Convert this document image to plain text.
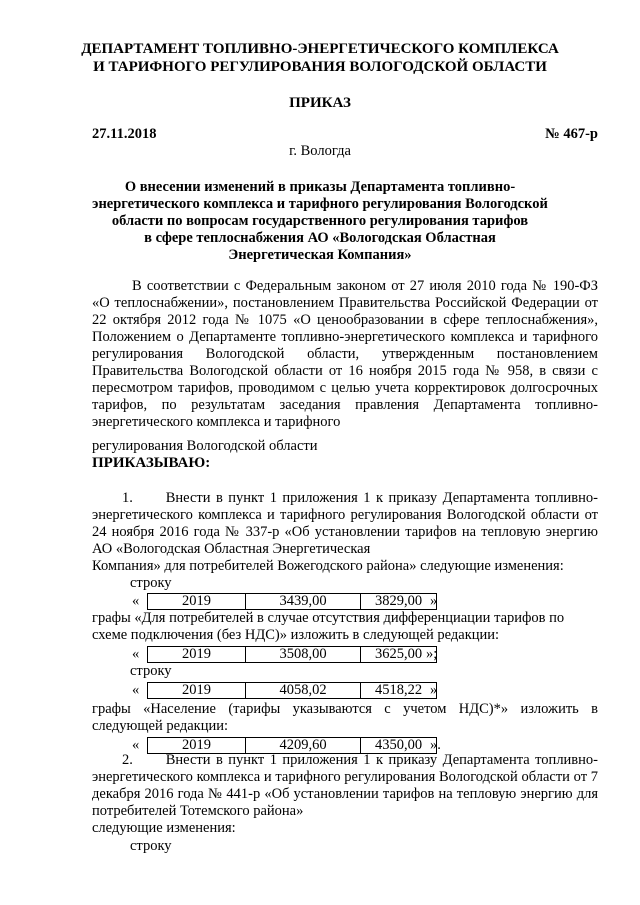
ДЕПАРТАМЕНТ ТОПЛИВНО-ЭНЕРГЕТИЧЕСКОГО КОМПЛЕКСА
И ТАРИФНОГО РЕГУЛИРОВАНИЯ ВОЛОГОДСКОЙ ОБЛАСТИ
ПРИКАЗ
27.11.2018	№ 467-р
г. Вологда
О внесении изменений в приказы Департамента топливно-
энергетического комплекса и тарифного регулирования Вологодской
области по вопросам государственного регулирования тарифов
в сфере теплоснабжения АО «Вологодская Областная
Энергетическая Компания»
В соответствии с Федеральным законом от 27 июля 2010 года № 190-ФЗ «О теплоснабжении», постановлением Правительства Российской Федерации от 22 октября 2012 года № 1075 «О ценообразовании в сфере теплоснабжения», Положением о Департаменте топливно-энергетического комплекса и тарифного регулирования Вологодской области, утвержденным постановлением Правительства Вологодской области от 16 ноября 2015 года № 958, в связи с пересмотром тарифов, проводимом с целью учета корректировок долгосрочных тарифов, по результатам заседания правления Департамента топливно-энергетического комплекса и тарифного
регулирования Вологодской области
ПРИКАЗЫВАЮ:
1.      Внести в пункт 1 приложения 1 к приказу Департамента топливно-энергетического комплекса и тарифного регулирования Вологодской области от 24 ноября 2016 года № 337-р «Об установлении тарифов на тепловую энергию АО «Вологодская Областная Энергетическая
Компания» для потребителей Вожегодского района» следующие изменения:
строку
«	2019	3439,00	3829,00 »
графы «Для потребителей в случае отсутствия дифференциации тарифов по
схеме подключения (без НДС)» изложить в следующей редакции:
«	2019	3508,00	3625,00 »;
строку
«	2019	4058,02	4518,22 »
графы «Население (тарифы указываются с учетом НДС)*» изложить в
следующей редакции:
«	2019	4209,60	4350,00 ».
2.      Внести в пункт 1 приложения 1 к приказу Департамента топливно-энергетического комплекса и тарифного регулирования Вологодской области от 7 декабря 2016 года № 441-р «Об установлении тарифов на тепловую энергию для потребителей Тотемского района»
следующие изменения:
строку
